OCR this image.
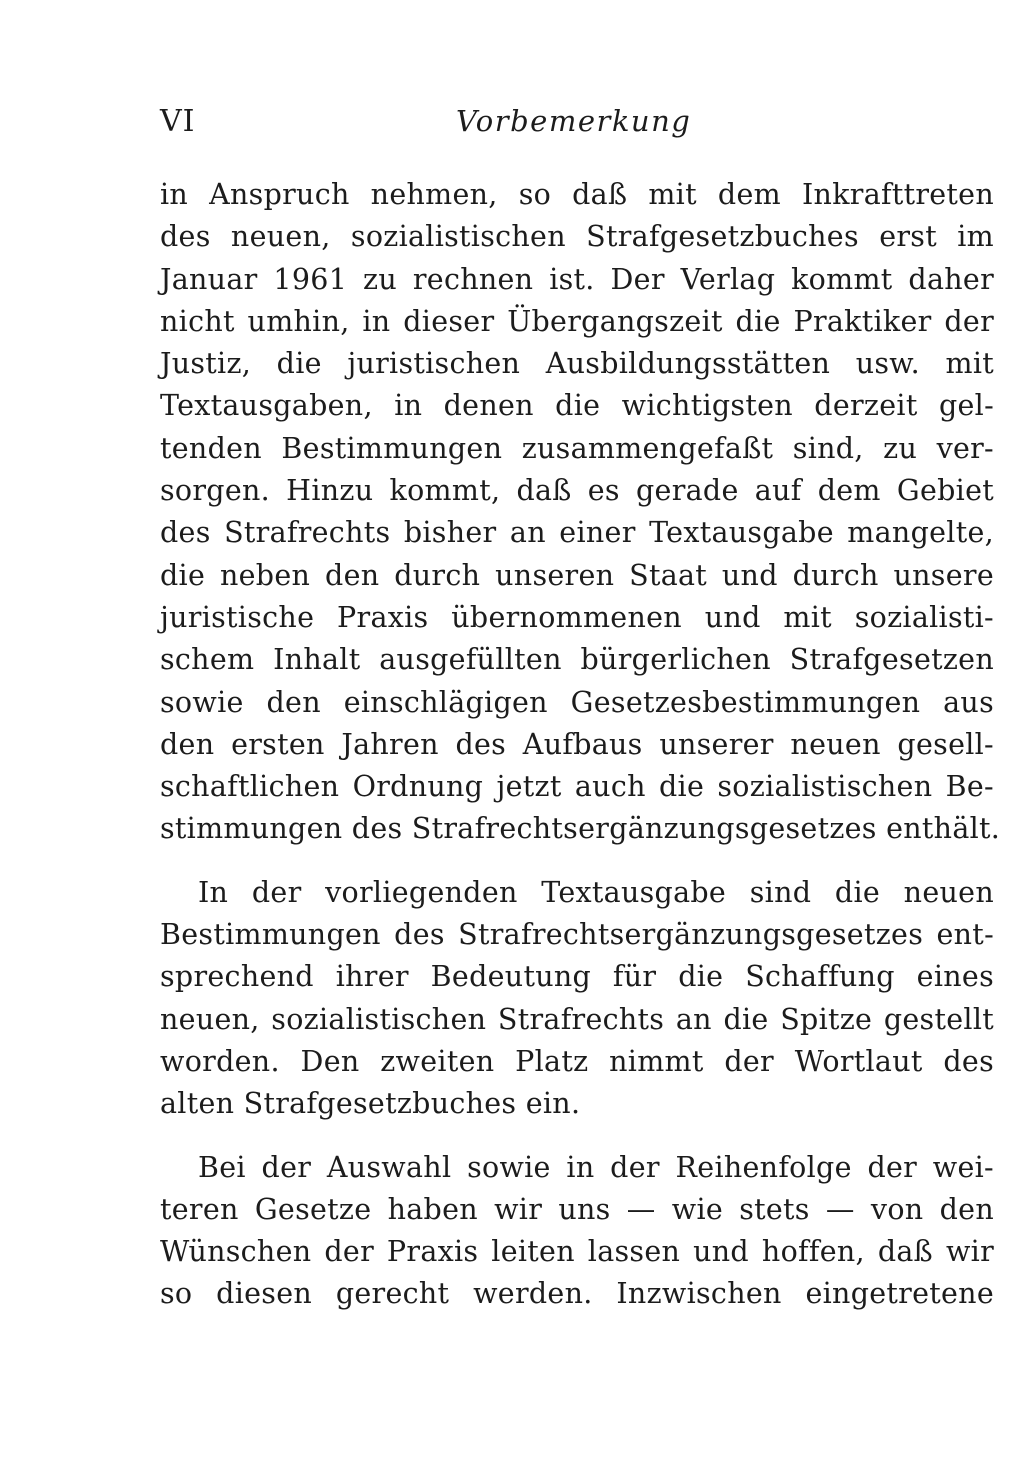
VI	Vorbemerkung
in Anspruch nehmen, so daß mit dem Inkrafttreten
des neuen, sozialistischen Strafgesetzbuches erst im
Januar 1961 zu rechnen ist. Der Verlag kommt daher
nicht umhin, in dieser Übergangszeit die Praktiker der
Justiz, die juristischen Ausbildungsstätten usw. mit
Textausgaben, in denen die wichtigsten derzeit gel-
tenden Bestimmungen zusammengefaßt sind, zu ver-
sorgen. Hinzu kommt, daß es gerade auf dem Gebiet
des Strafrechts bisher an einer Textausgabe mangelte,
die neben den durch unseren Staat und durch unsere
juristische Praxis übernommenen und mit sozialisti-
schem Inhalt ausgefüllten bürgerlichen Strafgesetzen
sowie den einschlägigen Gesetzesbestimmungen aus
den ersten Jahren des Aufbaus unserer neuen gesell-
schaftlichen Ordnung jetzt auch die sozialistischen Be-
stimmungen des Strafrechtsergänzungsgesetzes enthält.
In der vorliegenden Textausgabe sind die neuen
Bestimmungen des Strafrechtsergänzungsgesetzes ent-
sprechend ihrer Bedeutung für die Schaffung eines
neuen, sozialistischen Strafrechts an die Spitze gestellt
worden. Den zweiten Platz nimmt der Wortlaut des
alten Strafgesetzbuches ein.
Bei der Auswahl sowie in der Reihenfolge der wei-
teren Gesetze haben wir uns — wie stets — von den
Wünschen der Praxis leiten lassen und hoffen, daß wir
so diesen gerecht werden. Inzwischen eingetretene
